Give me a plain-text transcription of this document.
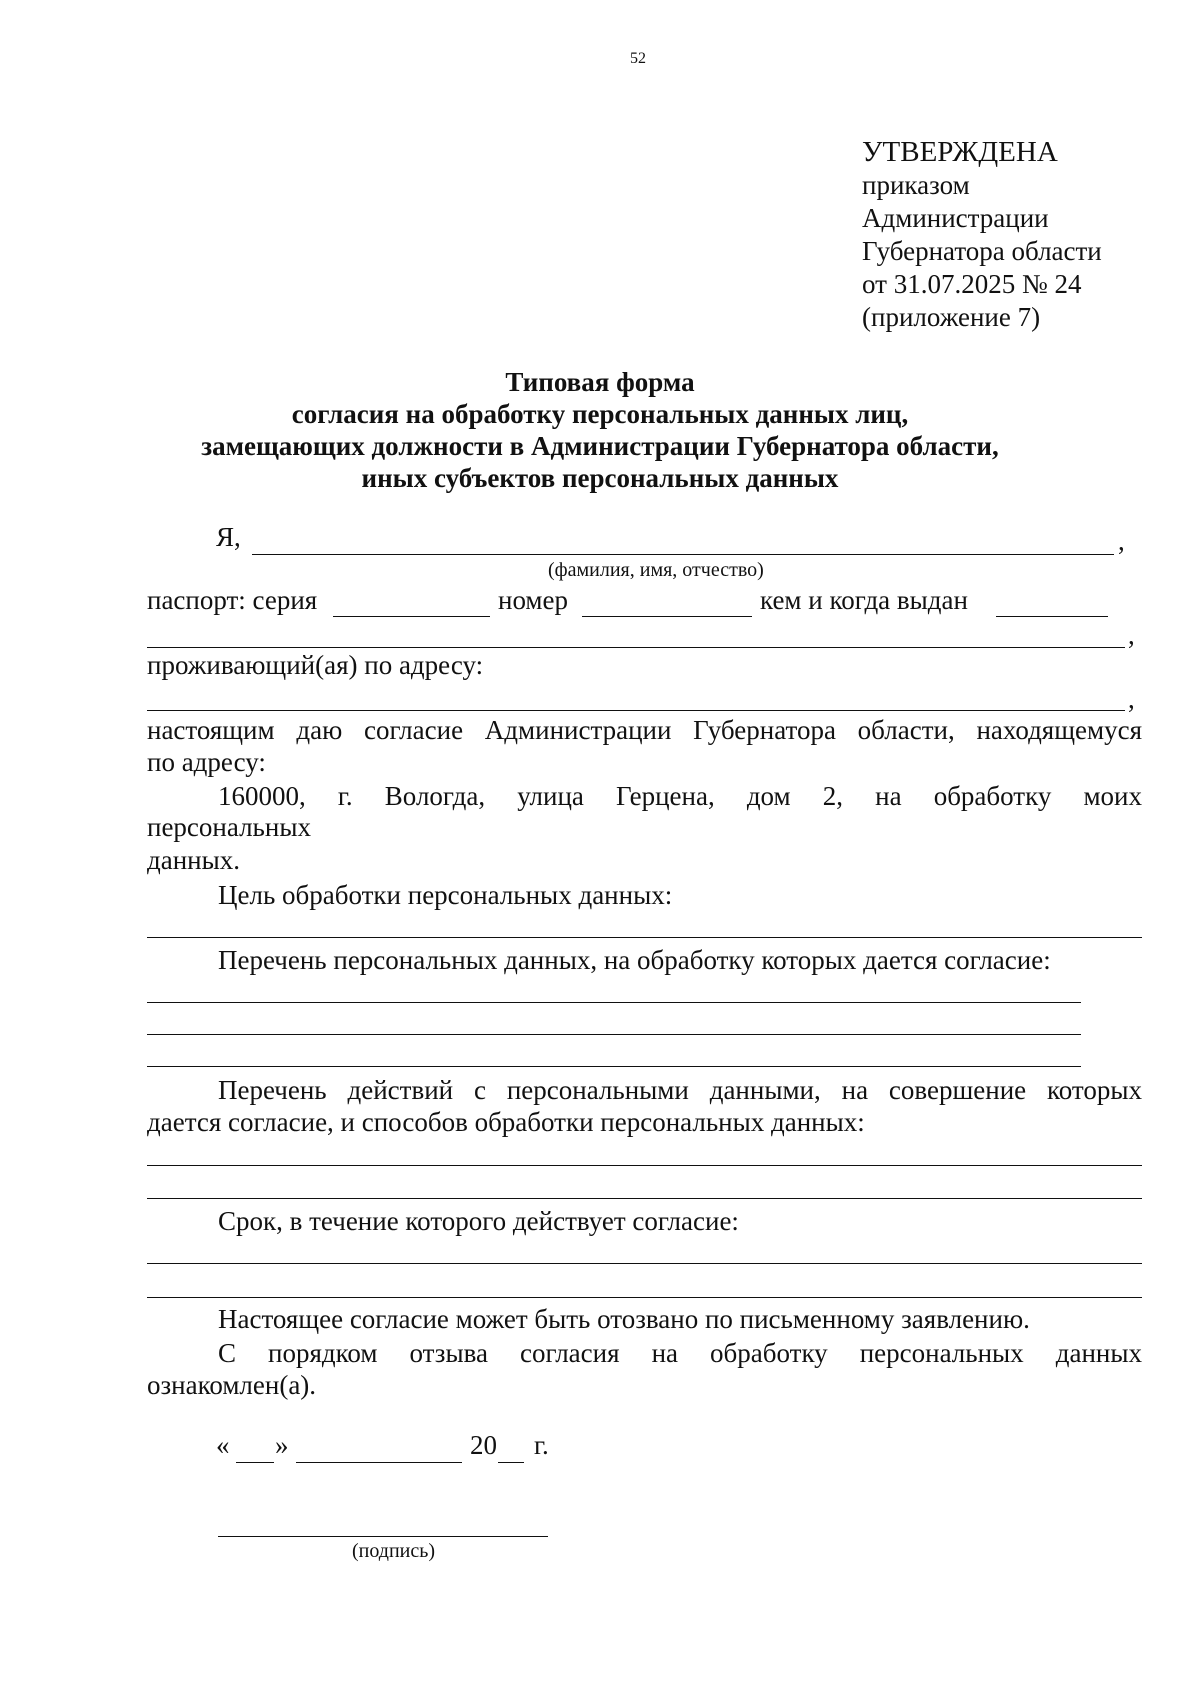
52
УТВЕРЖДЕНА
приказом
Администрации
Губернатора области
от 31.07.2025 № 24
(приложение 7)
Типовая форма
согласия на обработку персональных данных лиц,
замещающих должности в Администрации Губернатора области,
иных субъектов персональных данных
Я,	,
(фамилия, имя, отчество)
паспорт: серия	номер	кем и когда выдан
,
проживающий(ая) по адресу:
,
настоящим даю согласие Администрации Губернатора области, находящемуся
по адресу:
160000, г. Вологда, улица Герцена, дом 2, на обработку моих
персональных
данных.
Цель обработки персональных данных:
Перечень персональных данных, на обработку которых дается согласие:
Перечень действий с персональными данными, на совершение которых
дается согласие, и способов обработки персональных данных:
Срок, в течение которого действует согласие:
Настоящее согласие может быть отозвано по письменному заявлению.
С порядком отзыва согласия на обработку персональных данных
ознакомлен(а).
« »	20 г.
(подпись)
